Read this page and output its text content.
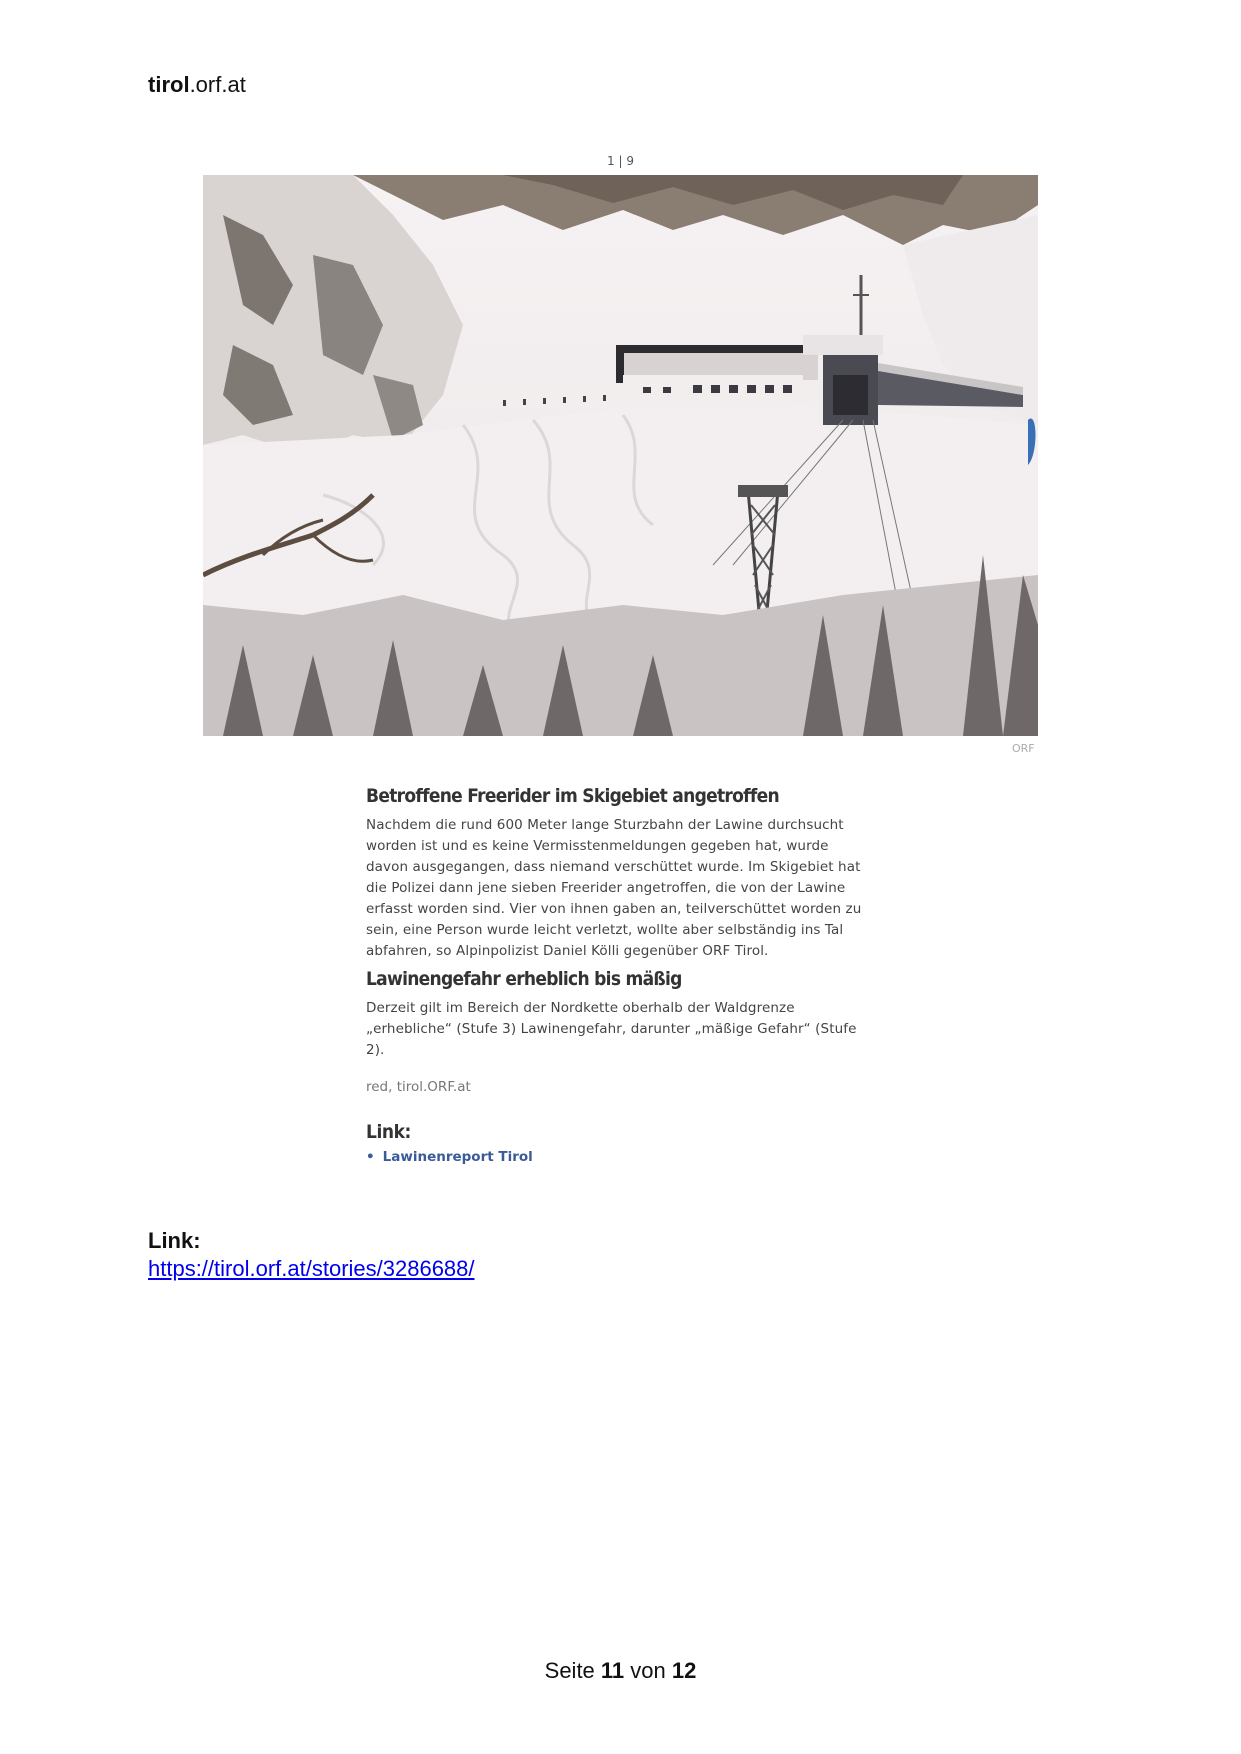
tirol.orf.at
1 | 9
ORF
Betroffene Freerider im Skigebiet angetroffen

Nachdem die rund 600 Meter lange Sturzbahn der Lawine durchsucht worden ist und es keine Vermisstenmeldungen gegeben hat, wurde davon ausgegangen, dass niemand verschüttet wurde. Im Skigebiet hat die Polizei dann jene sieben Freerider angetroffen, die von der Lawine erfasst worden sind. Vier von ihnen gaben an, teilverschüttet worden zu sein, eine Person wurde leicht verletzt, wollte aber selbständig ins Tal abfahren, so Alpinpolizist Daniel Kölli gegenüber ORF Tirol.

Lawinengefahr erheblich bis mäßig

Derzeit gilt im Bereich der Nordkette oberhalb der Waldgrenze „erhebliche“ (Stufe 3) Lawinengefahr, darunter „mäßige Gefahr“ (Stufe 2).

red, tirol.ORF.at
Link:
• Lawinenreport Tirol
Link:
https://tirol.orf.at/stories/3286688/
Seite 11 von 12
